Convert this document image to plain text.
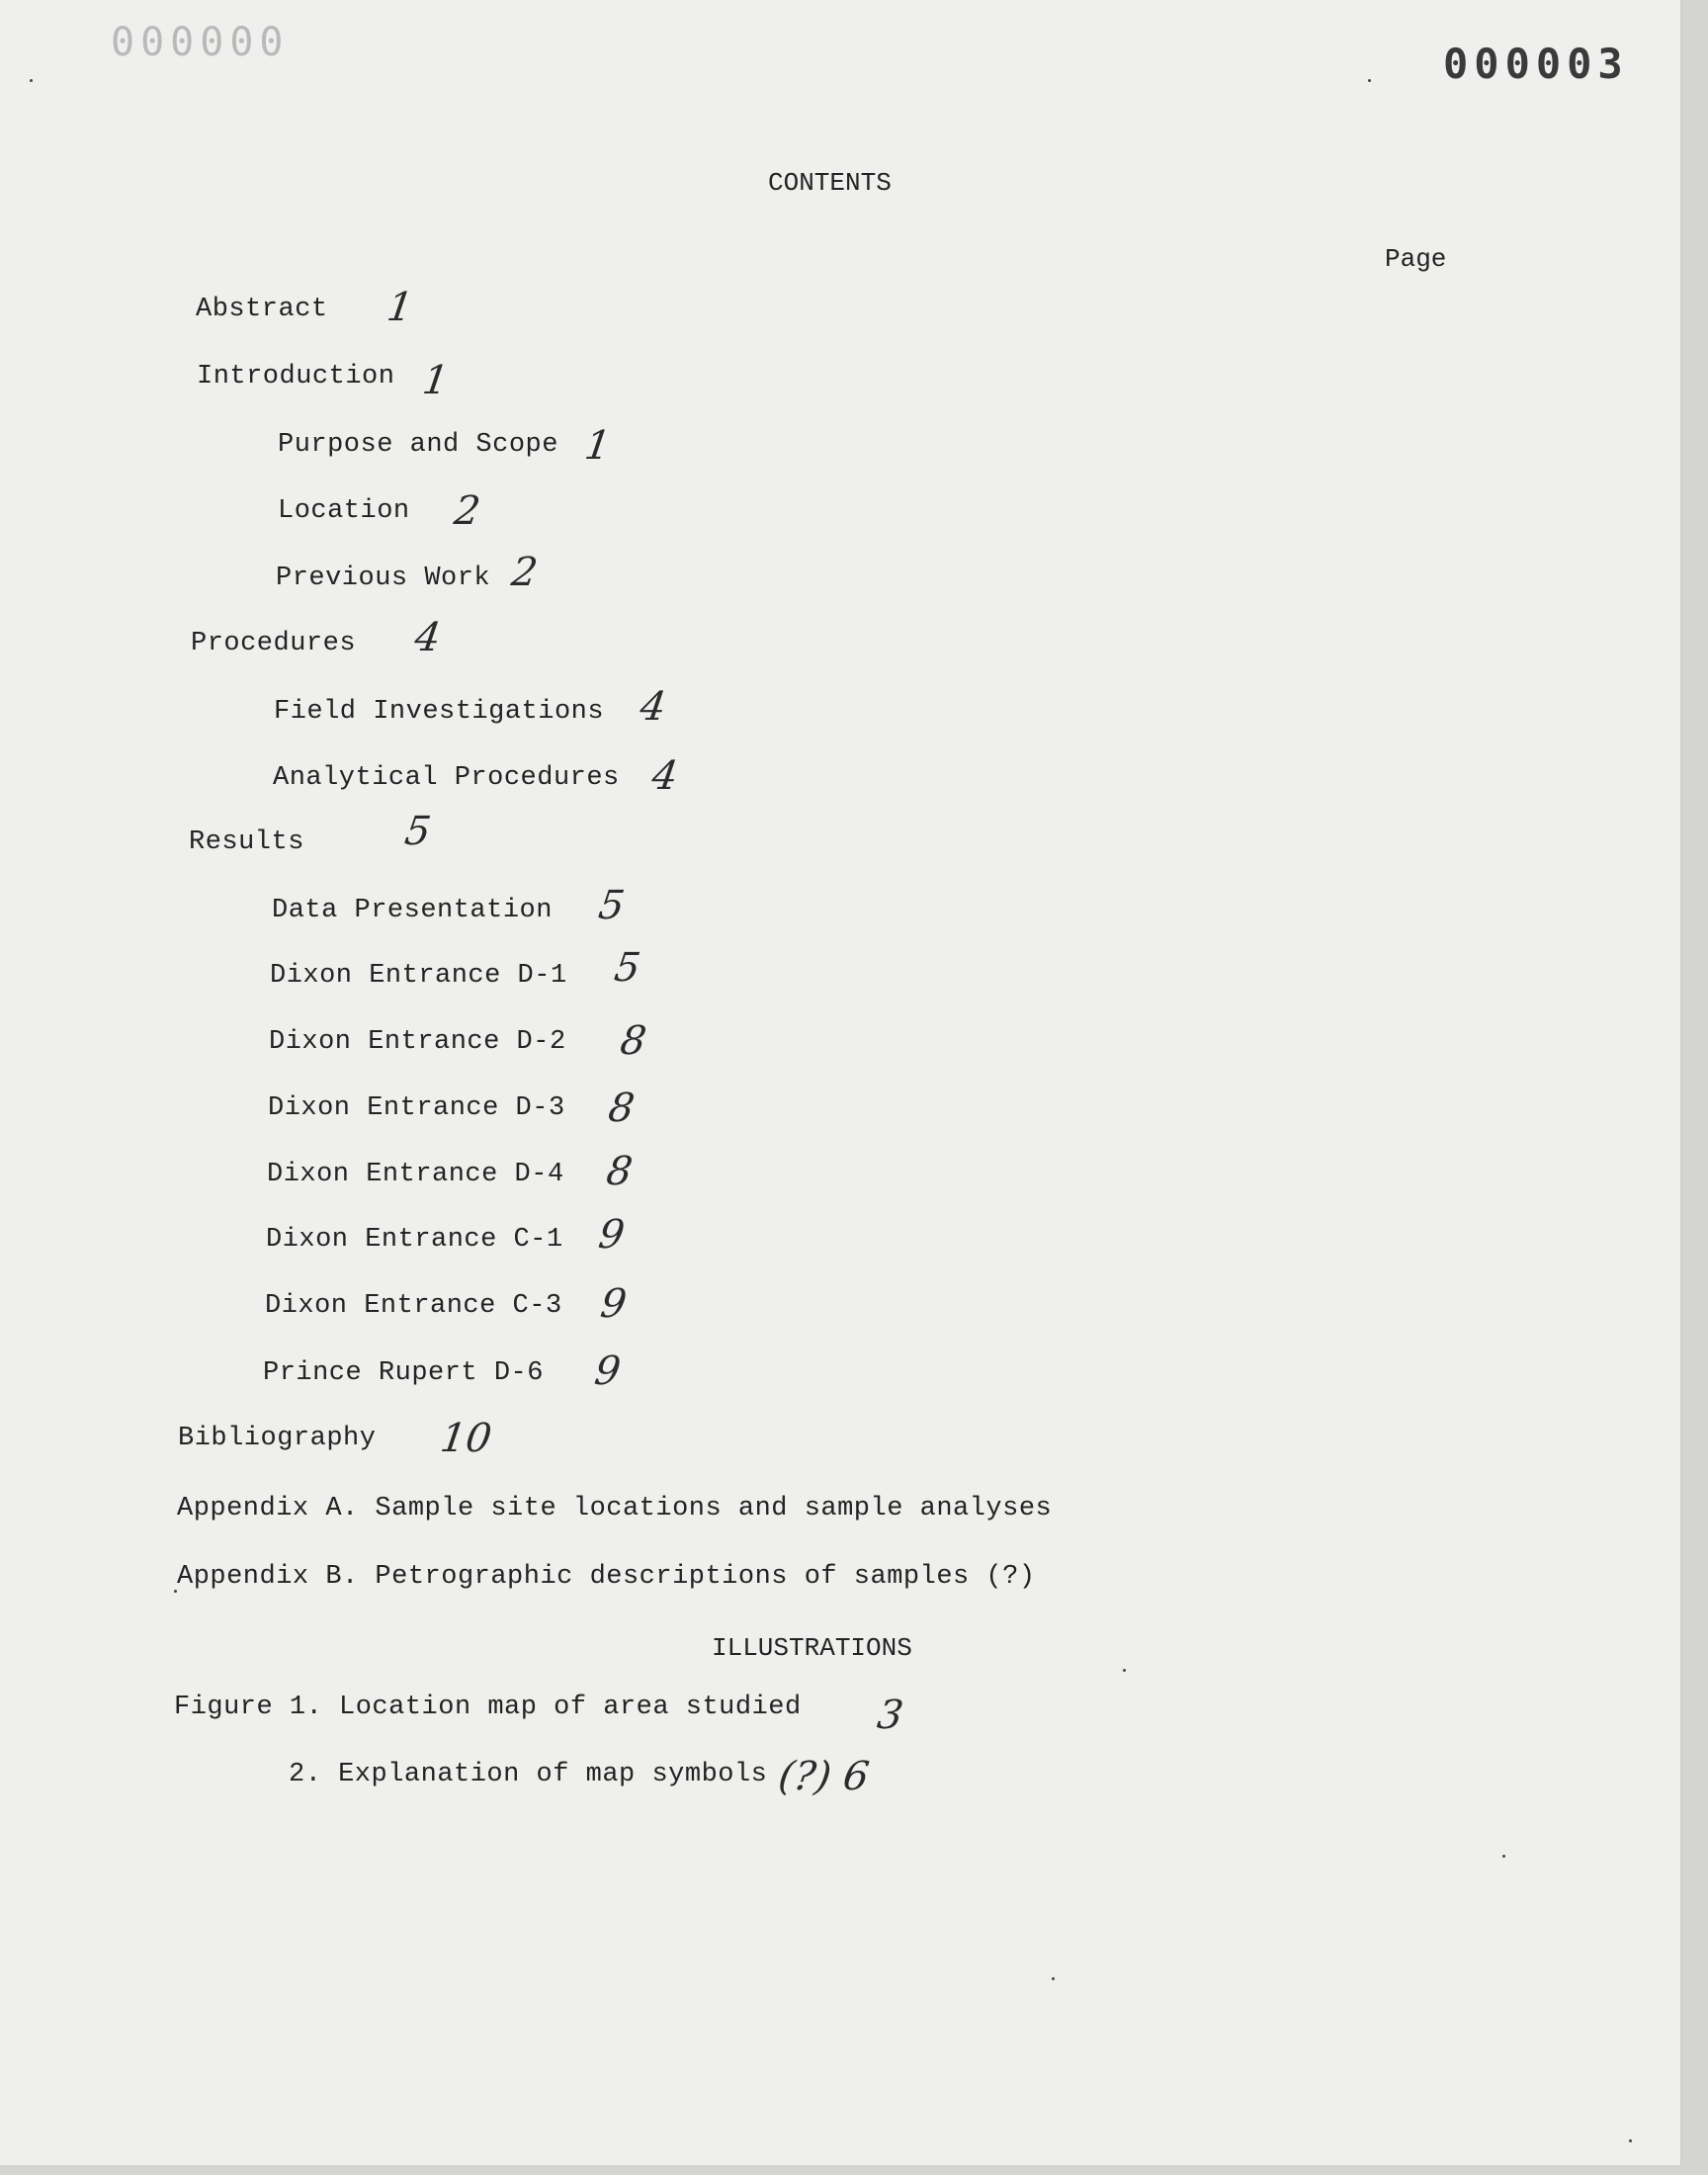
000000	000003
CONTENTS
Page
Abstract 1
Introduction 1
Purpose and Scope 1
Location 2
Previous Work 2
Procedures 4
Field Investigations 4
Analytical Procedures 4
Results 5
Data Presentation 5
Dixon Entrance D-1 5
Dixon Entrance D-2 8
Dixon Entrance D-3 8
Dixon Entrance D-4 8
Dixon Entrance C-1 9
Dixon Entrance C-3 9
Prince Rupert D-6 9
Bibliography 10
Appendix A. Sample site locations and sample analyses
Appendix B. Petrographic descriptions of samples (?)
ILLUSTRATIONS
Figure 1. Location map of area studied 3
2. Explanation of map symbols (?) 6
